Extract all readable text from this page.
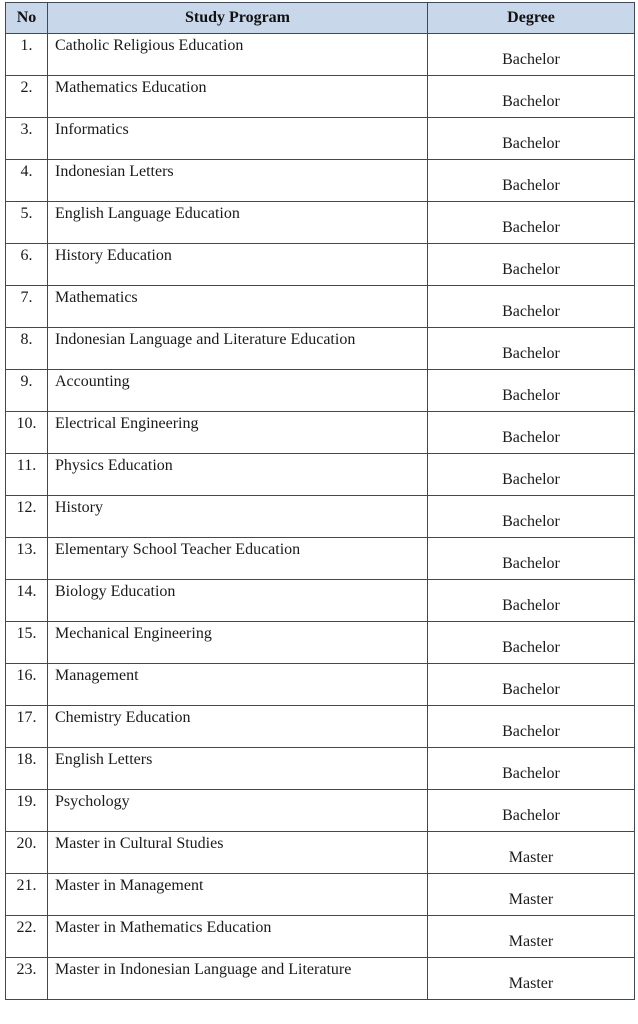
No	Study Program	Degree
1.	Catholic Religious Education	Bachelor
2.	Mathematics Education	Bachelor
3.	Informatics	Bachelor
4.	Indonesian Letters	Bachelor
5.	English Language Education	Bachelor
6.	History Education	Bachelor
7.	Mathematics	Bachelor
8.	Indonesian Language and Literature Education	Bachelor
9.	Accounting	Bachelor
10.	Electrical Engineering	Bachelor
11.	Physics Education	Bachelor
12.	History	Bachelor
13.	Elementary School Teacher Education	Bachelor
14.	Biology Education	Bachelor
15.	Mechanical Engineering	Bachelor
16.	Management	Bachelor
17.	Chemistry Education	Bachelor
18.	English Letters	Bachelor
19.	Psychology	Bachelor
20.	Master in Cultural Studies	Master
21.	Master in Management	Master
22.	Master in Mathematics Education	Master
23.	Master in Indonesian Language and Literature	Master
